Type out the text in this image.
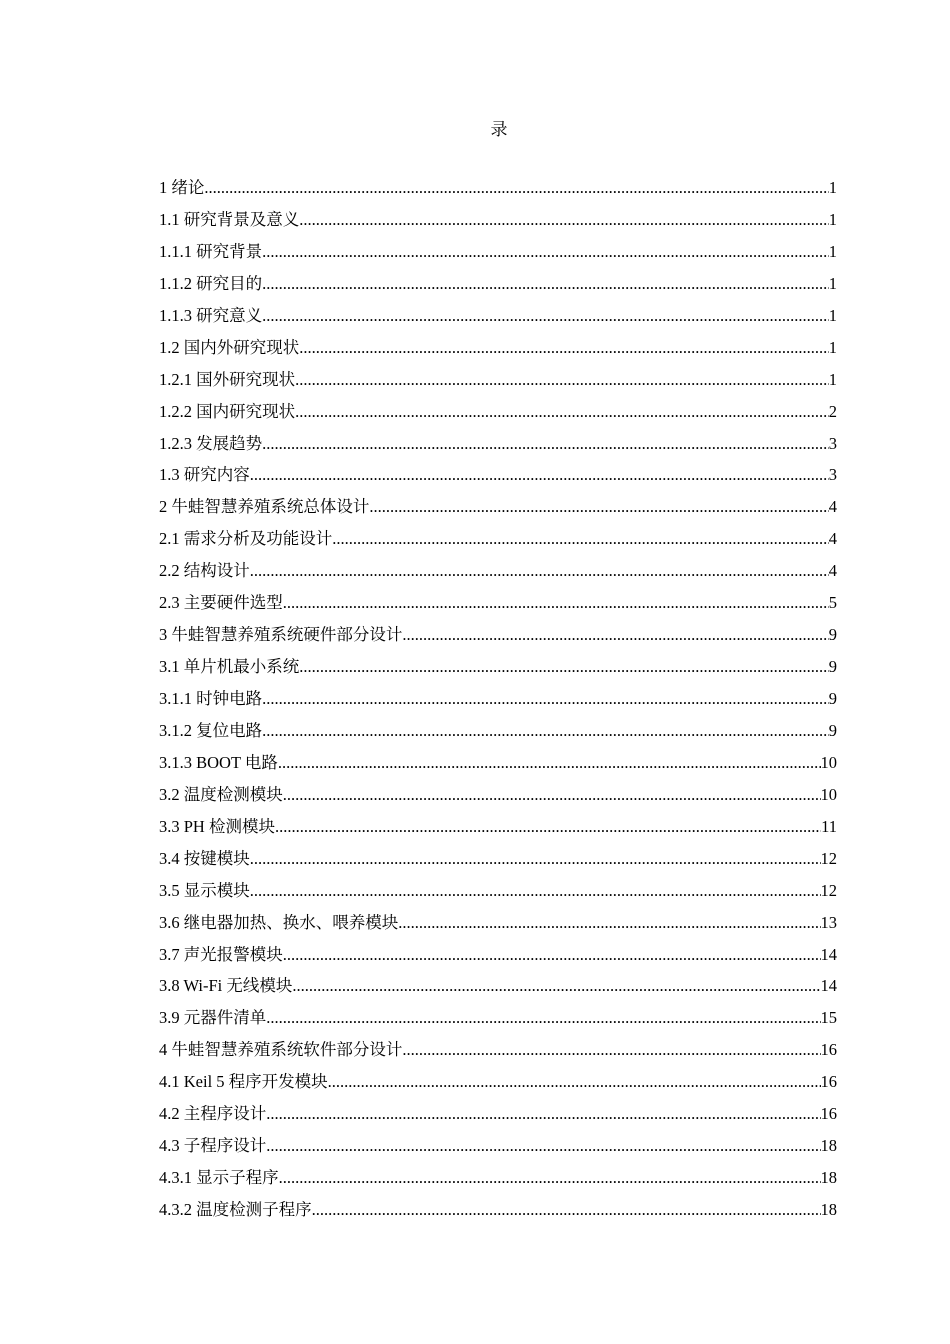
录
1 绪论 .....	1
1.1 研究背景及意义 .....	1
1.1.1 研究背景 .....	1
1.1.2 研究目的 .....	1
1.1.3 研究意义 .....	1
1.2 国内外研究现状 .....	1
1.2.1 国外研究现状 .....	1
1.2.2 国内研究现状 .....	2
1.2.3 发展趋势 .....	3
1.3 研究内容 .....	3
2 牛蛙智慧养殖系统总体设计 .....	4
2.1 需求分析及功能设计 .....	4
2.2 结构设计 .....	4
2.3 主要硬件选型 .....	5
3 牛蛙智慧养殖系统硬件部分设计 .....	9
3.1 单片机最小系统 .....	9
3.1.1 时钟电路 .....	9
3.1.2 复位电路 .....	9
3.1.3 BOOT 电路 .....	10
3.2 温度检测模块 .....	10
3.3 PH 检测模块 .....	11
3.4 按键模块 .....	12
3.5 显示模块 .....	12
3.6 继电器加热、换水、喂养模块 .....	13
3.7 声光报警模块 .....	14
3.8 Wi-Fi 无线模块 .....	14
3.9 元器件清单 .....	15
4 牛蛙智慧养殖系统软件部分设计 .....	16
4.1 Keil 5 程序开发模块 .....	16
4.2 主程序设计 .....	16
4.3 子程序设计 .....	18
4.3.1 显示子程序 .....	18
4.3.2 温度检测子程序 .....	18
